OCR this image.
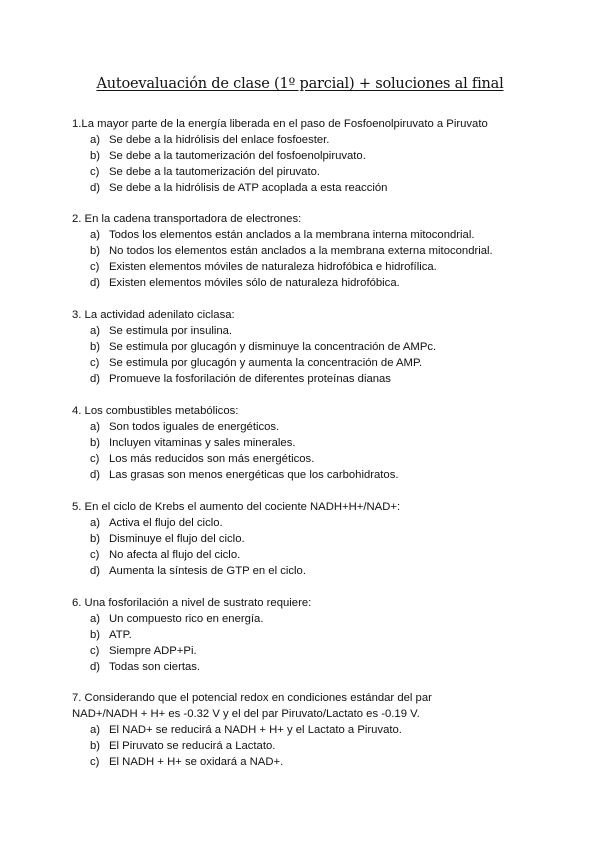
Autoevaluación de clase (1º parcial) + soluciones al final
1.La mayor parte de la energía liberada en el paso de Fosfoenolpiruvato a Piruvato
a) Se debe a la hidrólisis del enlace fosfoester.
b) Se debe a la tautomerización del fosfoenolpiruvato.
c) Se debe a la tautomerización del piruvato.
d) Se debe a la hidrólisis de ATP acoplada a esta reacción
2. En la cadena transportadora de electrones:
a) Todos los elementos están anclados a la membrana interna mitocondrial.
b) No todos los elementos están anclados a la membrana externa mitocondrial.
c) Existen elementos móviles de naturaleza hidrofóbica e hidrofílica.
d) Existen elementos móviles sólo de naturaleza hidrofóbica.
3. La actividad adenilato ciclasa:
a) Se estimula por insulina.
b) Se estimula por glucagón y disminuye la concentración de AMPc.
c) Se estimula por glucagón y aumenta la concentración de AMP.
d) Promueve la fosforilación de diferentes proteínas dianas
4. Los combustibles metabólicos:
a) Son todos iguales de energéticos.
b) Incluyen vitaminas y sales minerales.
c) Los más reducidos son más energéticos.
d) Las grasas son menos energéticas que los carbohidratos.
5. En el ciclo de Krebs el aumento del cociente NADH+H+/NAD+:
a) Activa el flujo del ciclo.
b) Disminuye el flujo del ciclo.
c) No afecta al flujo del ciclo.
d) Aumenta la síntesis de GTP en el ciclo.
6. Una fosforilación a nivel de sustrato requiere:
a) Un compuesto rico en energía.
b) ATP.
c) Siempre ADP+Pi.
d) Todas son ciertas.
7. Considerando que el potencial redox en condiciones estándar del par
NAD+/NADH + H+ es -0.32 V y el del par Piruvato/Lactato es -0.19 V.
a) El NAD+ se reducirá a NADH + H+ y el Lactato a Piruvato.
b) El Piruvato se reducirá a Lactato.
c) El NADH + H+ se oxidará a NAD+.
